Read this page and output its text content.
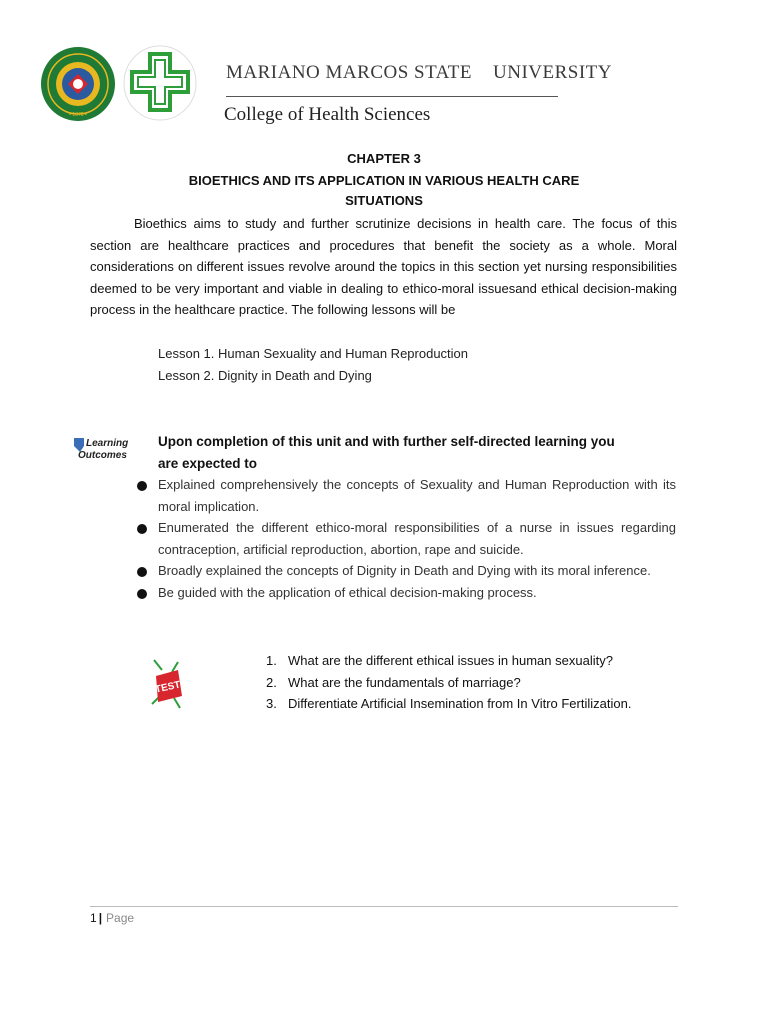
• 1978 •
MARIANO MARCOS STATE    UNIVERSITY
College of Health Sciences
CHAPTER 3
BIOETHICS AND ITS APPLICATION IN VARIOUS HEALTH CARE
SITUATIONS
Bioethics aims to study and further scrutinize decisions in health care. The focus of this section are healthcare practices and procedures that benefit the society as a whole. Moral considerations on different issues revolve around the topics in this section yet nursing responsibilities deemed to be very important and viable in dealing to ethico-moral issuesand ethical decision-making process in the healthcare practice. The following lessons will be
Lesson 1. Human Sexuality and Human Reproduction
Lesson 2. Dignity in Death and Dying
Learning
Outcomes
Upon completion of this unit and with further self-directed learning you are expected to
Explained comprehensively the concepts of Sexuality and Human Reproduction with its moral implication.
Enumerated the different ethico-moral responsibilities of a nurse in issues regarding contraception, artificial reproduction, abortion, rape and suicide.
Broadly explained the concepts of Dignity in Death and Dying with its moral inference.
Be guided with the application of ethical decision-making process.
TEST
1. What are the different ethical issues in human sexuality?
2. What are the fundamentals of marriage?
3. Differentiate Artificial Insemination from In Vitro Fertilization.
1 | Page
